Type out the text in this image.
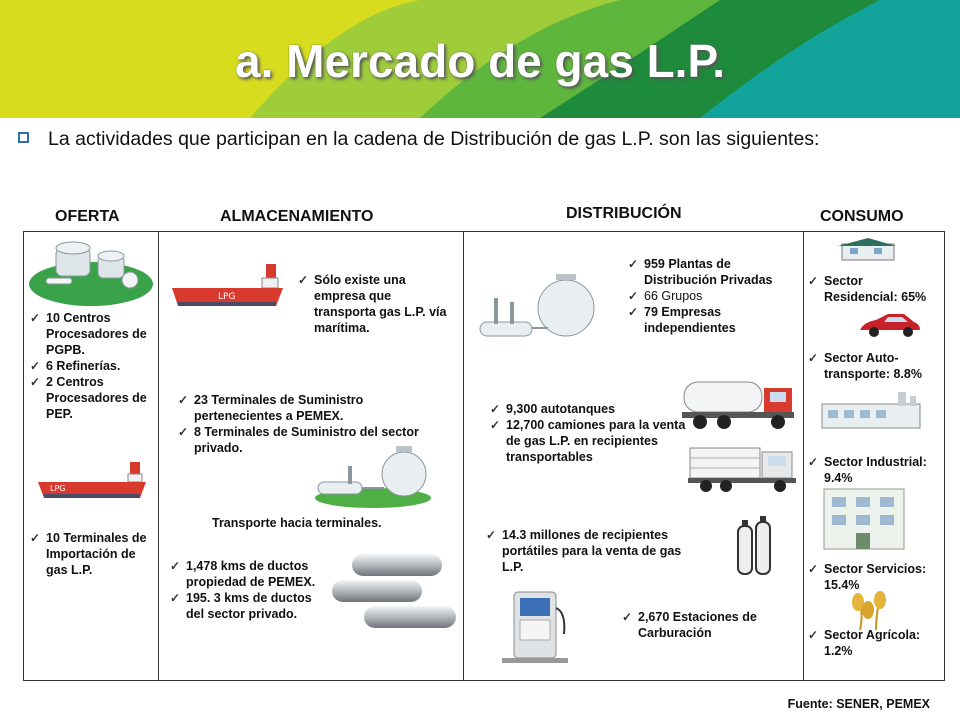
a. Mercado de gas L.P.
La actividades que participan en la cadena de Distribución de gas L.P. son las siguientes:
OFERTA	ALMACENAMIENTO	DISTRIBUCIÓN	CONSUMO
✓ 10 Centros Procesadores de PGPB.
✓ 6 Refinerías.
✓ 2 Centros Procesadores de PEP.
LPG
✓ 10 Terminales de Importación de gas L.P.
LPG
✓ Sólo existe una empresa que transporta gas L.P. vía marítima.
✓ 23 Terminales de Suministro pertenecientes a PEMEX.
✓ 8 Terminales de Suministro del sector privado.
Transporte hacia terminales.
✓ 1,478 kms de ductos propiedad de PEMEX.
✓ 195. 3 kms de ductos del sector privado.
✓ 959 Plantas de Distribución Privadas
✓ 66 Grupos
✓ 79 Empresas independientes
✓ 9,300 autotanques
✓ 12,700 camiones para la venta de gas L.P. en recipientes transportables
✓ 14.3 millones de recipientes portátiles para la venta de gas L.P.
✓ 2,670 Estaciones de Carburación
✓ Sector Residencial: 65%
✓ Sector Auto-transporte: 8.8%
✓ Sector Industrial: 9.4%
✓ Sector Servicios: 15.4%
✓ Sector Agrícola: 1.2%
Fuente: SENER, PEMEX
